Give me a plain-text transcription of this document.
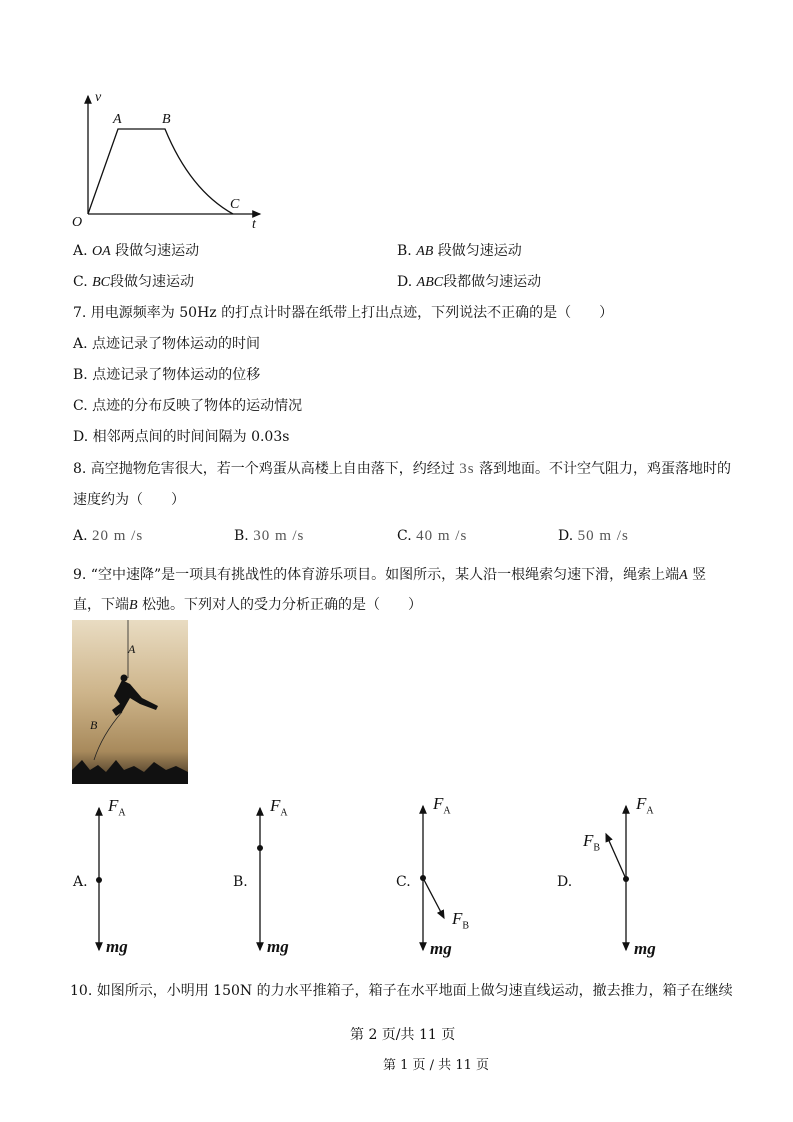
v
t
O
A	B
C
A. OA 段做匀速运动	B. AB 段做匀速运动
C. BC段做匀速运动	D. ABC段都做匀速运动
7. 用电源频率为 50Hz 的打点计时器在纸带上打出点迹，下列说法不正确的是（　　）
A. 点迹记录了物体运动的时间
B. 点迹记录了物体运动的位移
C. 点迹的分布反映了物体的运动情况
D. 相邻两点间的时间间隔为 0.03s
8. 高空抛物危害很大，若一个鸡蛋从高楼上自由落下，约经过 3s 落到地面。不计空气阻力，鸡蛋落地时的
速度约为（　　）
A. 20 m /s	B. 30 m /s	C. 40 m /s	D. 50 m /s
9. “空中速降”是一项具有挑战性的体育游乐项目。如图所示，某人沿一根绳索匀速下滑，绳索上端A 竖
直，下端B 松弛。下列对人的受力分析正确的是（　　）
A
B
A.	B.	C.	D.
$F_A$	$F_A$	$F_A$	$F_A$
$F_B$
$F_B$
mg	mg	mg	mg
10. 如图所示，小明用 150N 的力水平推箱子，箱子在水平地面上做匀速直线运动，撤去推力，箱子在继续
第 2 页/共 11 页
第 1 页 / 共 11 页
